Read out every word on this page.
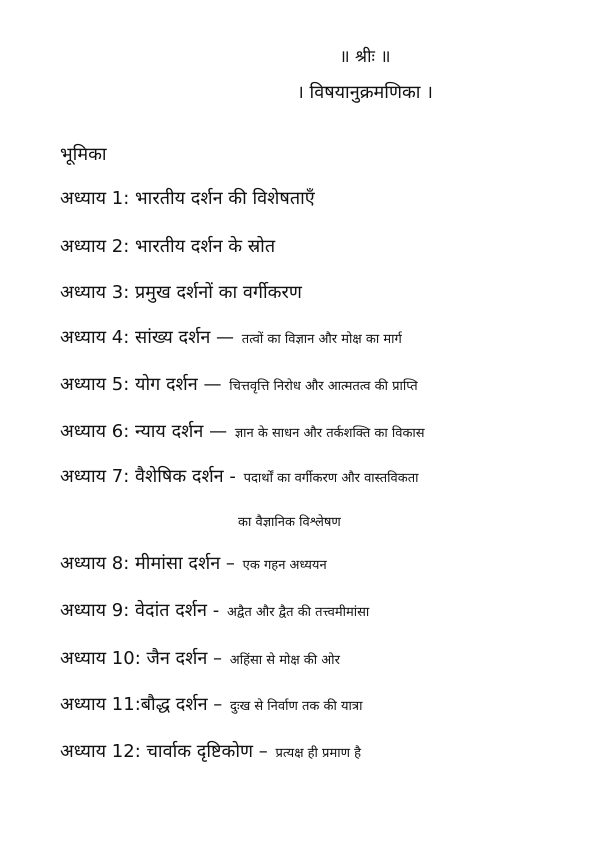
॥ श्रीः ॥
। विषयानुक्रमणिका ।
भूमिका
अध्याय 1: भारतीय दर्शन की विशेषताएँ
अध्याय 2: भारतीय दर्शन के स्रोत
अध्याय 3: प्रमुख दर्शनों का वर्गीकरण
अध्याय 4: सांख्य दर्शन — तत्वों का विज्ञान और मोक्ष का मार्ग
अध्याय 5: योग दर्शन — चित्तवृत्ति निरोध और आत्मतत्व की प्राप्ति
अध्याय 6: न्याय दर्शन — ज्ञान के साधन और तर्कशक्ति का विकास
अध्याय 7: वैशेषिक दर्शन - पदार्थों का वर्गीकरण और वास्तविकता
का वैज्ञानिक विश्लेषण
अध्याय 8: मीमांसा दर्शन – एक गहन अध्ययन
अध्याय 9: वेदांत दर्शन - अद्वैत और द्वैत की तत्त्वमीमांसा
अध्याय 10: जैन दर्शन – अहिंसा से मोक्ष की ओर
अध्याय 11:बौद्ध दर्शन – दुःख से निर्वाण तक की यात्रा
अध्याय 12: चार्वाक दृष्टिकोण – प्रत्यक्ष ही प्रमाण है
